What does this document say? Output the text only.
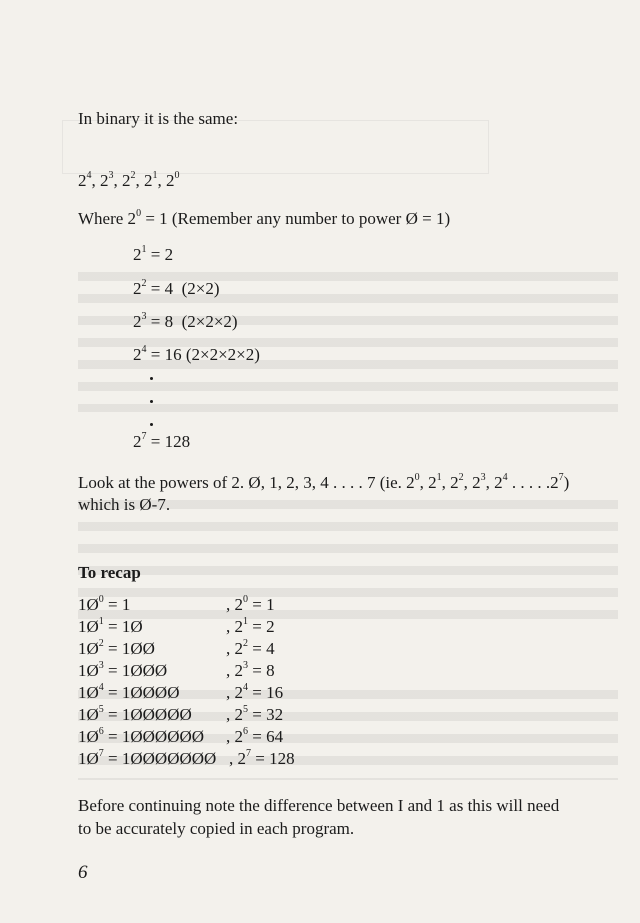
In binary it is the same:
$2^4$, $2^3$, $2^2$, $2^1$, $2^0$
Where $2^0 = 1$ (Remember any number to power Ø = 1)
$2^1 = 2$
$2^2 = 4$  (2×2)
$2^3 = 8$  (2×2×2)
$2^4 = 16$ (2×2×2×2)
$2^7 = 128$
Look at the powers of 2. Ø, 1, 2, 3, 4 . . . . 7 (ie. $2^0$, $2^1$, $2^2$, $2^3$, $2^4$ . . . . $.2^7$)
which is Ø-7.
To recap
$1Ø^0 = 1$	, $2^0 = 1$
$1Ø^1$ = 1Ø	, $2^1 = 2$
$1Ø^2$ = 1ØØ	, $2^2 = 4$
$1Ø^3$ = 1ØØØ	, $2^3 = 8$
$1Ø^4$ = 1ØØØØ	, $2^4 = 16$
$1Ø^5$ = 1ØØØØØ , $2^5 = 32$
$1Ø^6$ = 1ØØØØØØ , $2^6 = 64$
$1Ø^7$ = 1ØØØØØØØ , $2^7 = 128$
Before continuing note the difference between I and 1 as this will need
to be accurately copied in each program.
6
